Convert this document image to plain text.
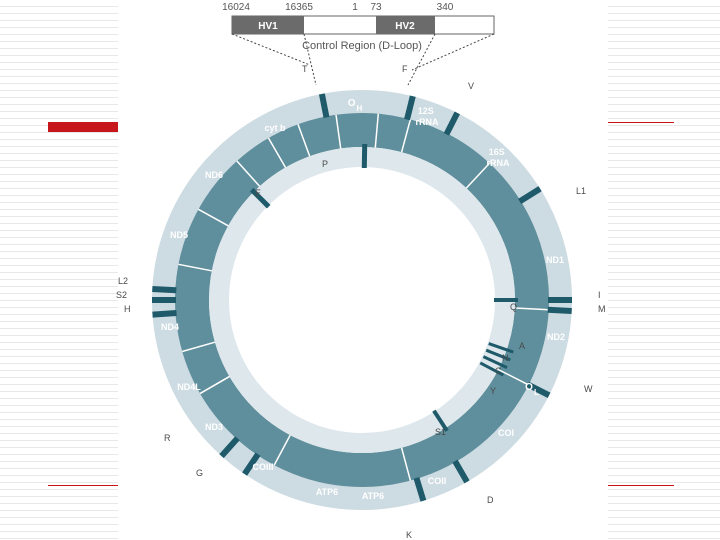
HV1	HV2
16024	16365	1 73	340
Control Region (D-Loop)
cyt b
ND6
ND5
ND4
ND4L
ND3
COIII
ATP6	ATP6
COII
COI
ND2
ND1
12S rRNA
16S rRNA
$O_H$
$O_L$
T	F
V
L1
I
M
Q
A
N
C
Y	W
S1
D
K
G
R
H
S2
L2
E
P
